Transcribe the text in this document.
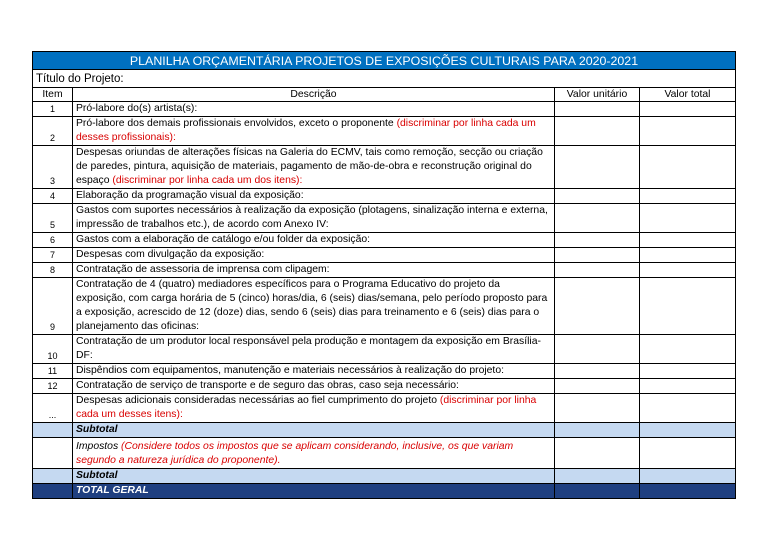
PLANILHA ORÇAMENTÁRIA PROJETOS DE EXPOSIÇÕES CULTURAIS PARA 2020-2021			
Título do Projeto:			
Item	Descrição	Valor unitário	Valor total
1	Pró-labore do(s) artista(s):		
2	Pró-labore dos demais profissionais envolvidos, exceto o proponente (discriminar por linha cada um desses profissionais):		
3	Despesas oriundas de alterações físicas na Galeria do ECMV, tais como remoção, secção ou criação de paredes, pintura, aquisição de materiais, pagamento de mão-de-obra e reconstrução original do espaço (discriminar por linha cada um dos itens):		
4	Elaboração da programação visual da exposição:		
5	Gastos com suportes necessários à realização da exposição (plotagens, sinalização interna e externa, impressão de trabalhos etc.), de acordo com Anexo IV:		
6	Gastos com a elaboração de catálogo e/ou folder da exposição:		
7	Despesas com divulgação da exposição:		
8	Contratação de assessoria de imprensa com clipagem:		
9	Contratação de 4 (quatro) mediadores específicos para o Programa Educativo do projeto da exposição, com carga horária de 5 (cinco) horas/dia, 6 (seis) dias/semana, pelo período proposto para a exposição, acrescido de 12 (doze) dias, sendo 6 (seis) dias para treinamento e 6 (seis) dias para o planejamento das oficinas:		
10	Contratação de um produtor local responsável pela produção e montagem da exposição em Brasília-DF:		
11	Dispêndios com equipamentos, manutenção e materiais necessários à realização do projeto:		
12	Contratação de serviço de transporte e de seguro das obras, caso seja necessário:		
...	Despesas adicionais consideradas necessárias ao fiel cumprimento do projeto (discriminar por linha cada um desses itens):		
	Subtotal		
	Impostos (Considere todos os impostos que se aplicam considerando, inclusive, os que variam segundo a natureza jurídica do proponente).		
	Subtotal		
	TOTAL GERAL		
